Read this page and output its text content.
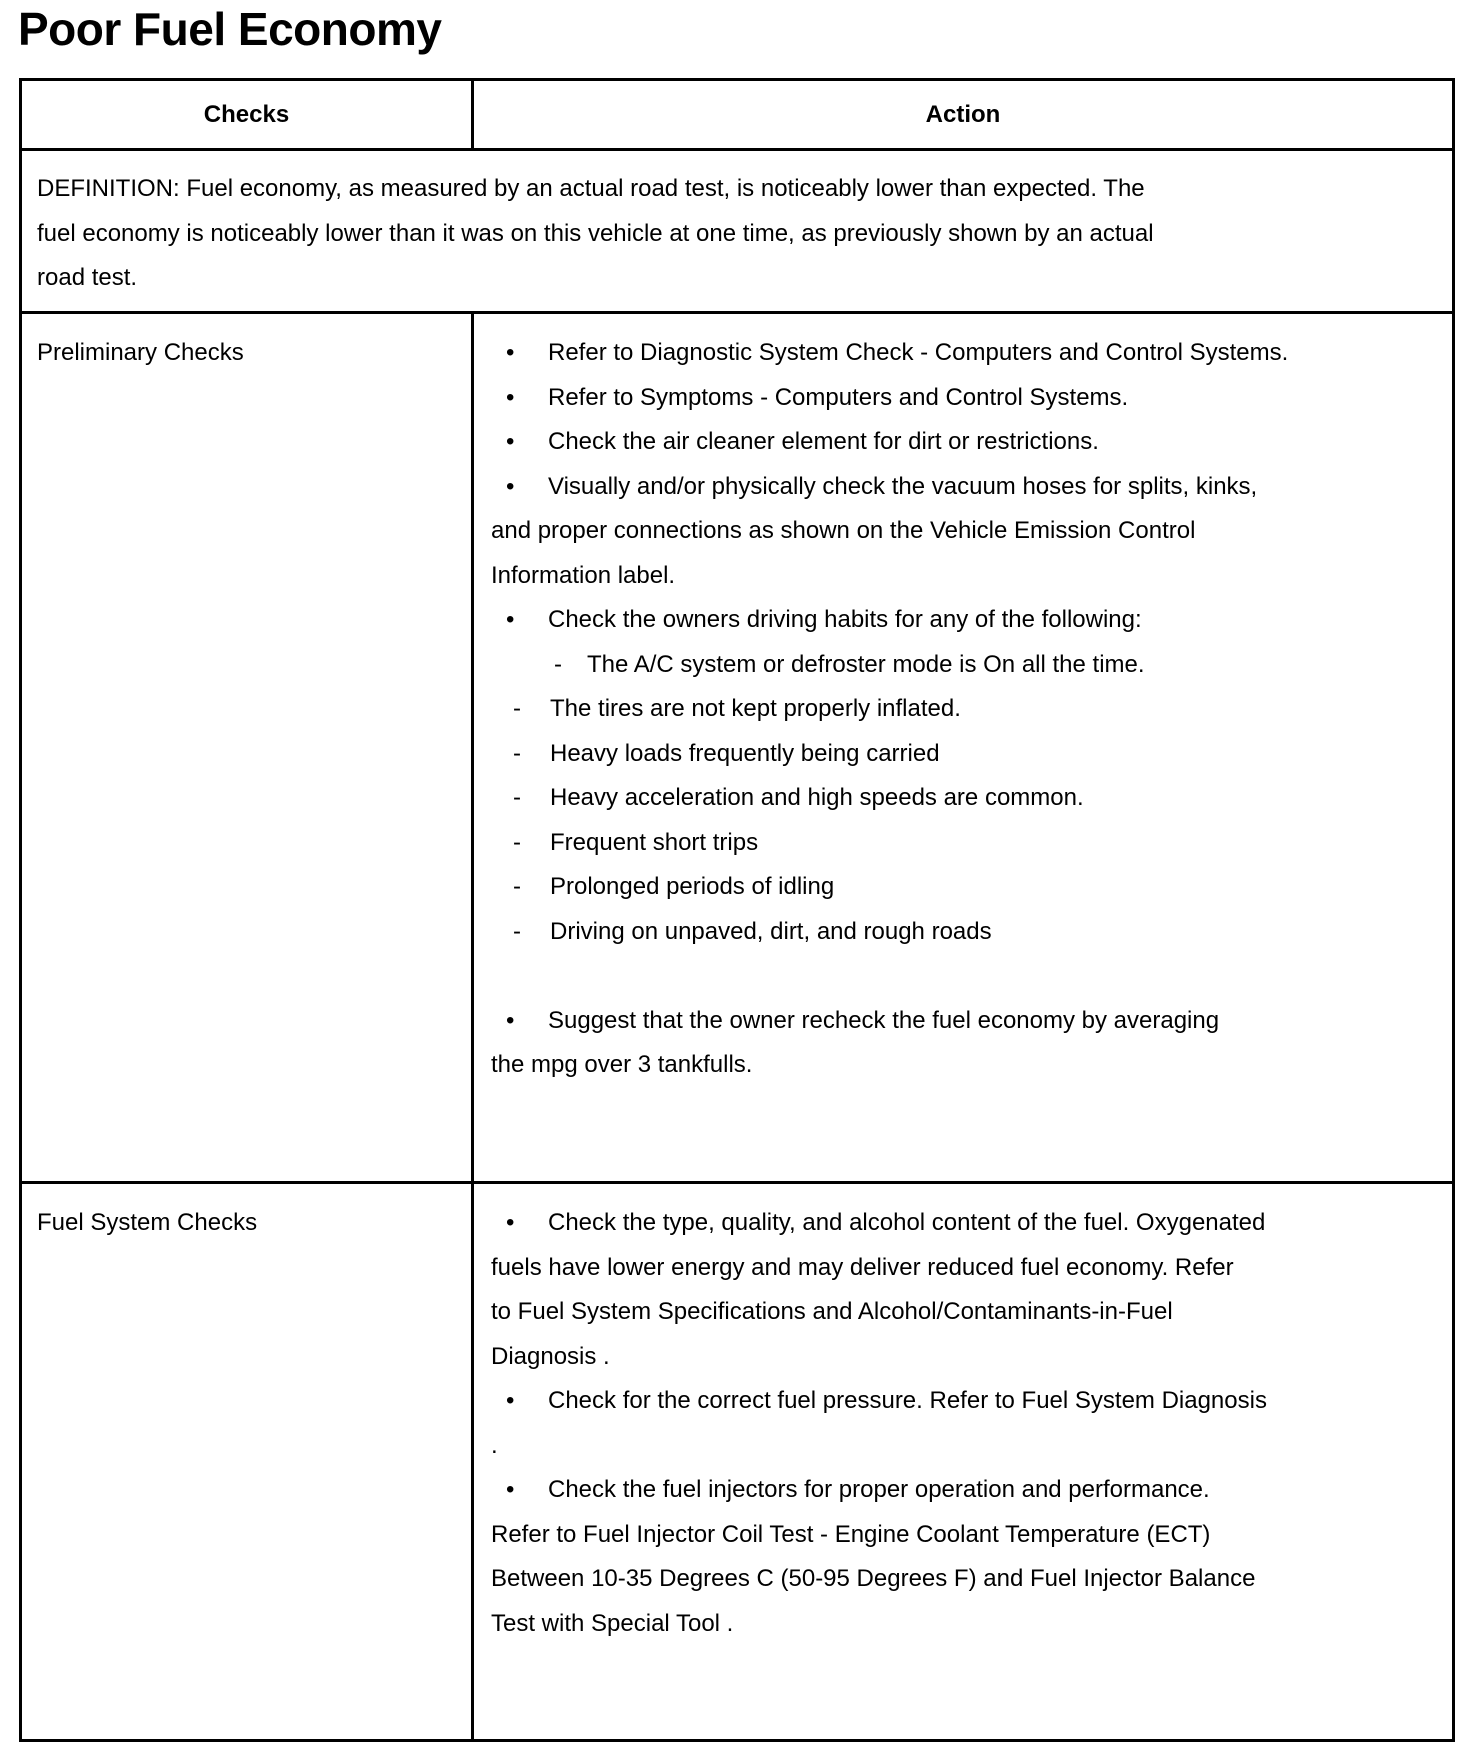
Poor Fuel Economy
Checks	Action
DEFINITION: Fuel economy, as measured by an actual road test, is noticeably lower than expected. The
fuel economy is noticeably lower than it was on this vehicle at one time, as previously shown by an actual
road test.
Preliminary Checks	• Refer to Diagnostic System Check - Computers and Control Systems.
• Refer to Symptoms - Computers and Control Systems.
• Check the air cleaner element for dirt or restrictions.
• Visually and/or physically check the vacuum hoses for splits, kinks,
and proper connections as shown on the Vehicle Emission Control
Information label.
• Check the owners driving habits for any of the following:
- The A/C system or defroster mode is On all the time.
- The tires are not kept properly inflated.
- Heavy loads frequently being carried
- Heavy acceleration and high speeds are common.
- Frequent short trips
- Prolonged periods of idling
- Driving on unpaved, dirt, and rough roads
• Suggest that the owner recheck the fuel economy by averaging
the mpg over 3 tankfulls.
Fuel System Checks	• Check the type, quality, and alcohol content of the fuel. Oxygenated
fuels have lower energy and may deliver reduced fuel economy. Refer
to Fuel System Specifications and Alcohol/Contaminants-in-Fuel
Diagnosis .
• Check for the correct fuel pressure. Refer to Fuel System Diagnosis
.
• Check the fuel injectors for proper operation and performance.
Refer to Fuel Injector Coil Test - Engine Coolant Temperature (ECT)
Between 10-35 Degrees C (50-95 Degrees F) and Fuel Injector Balance
Test with Special Tool .
